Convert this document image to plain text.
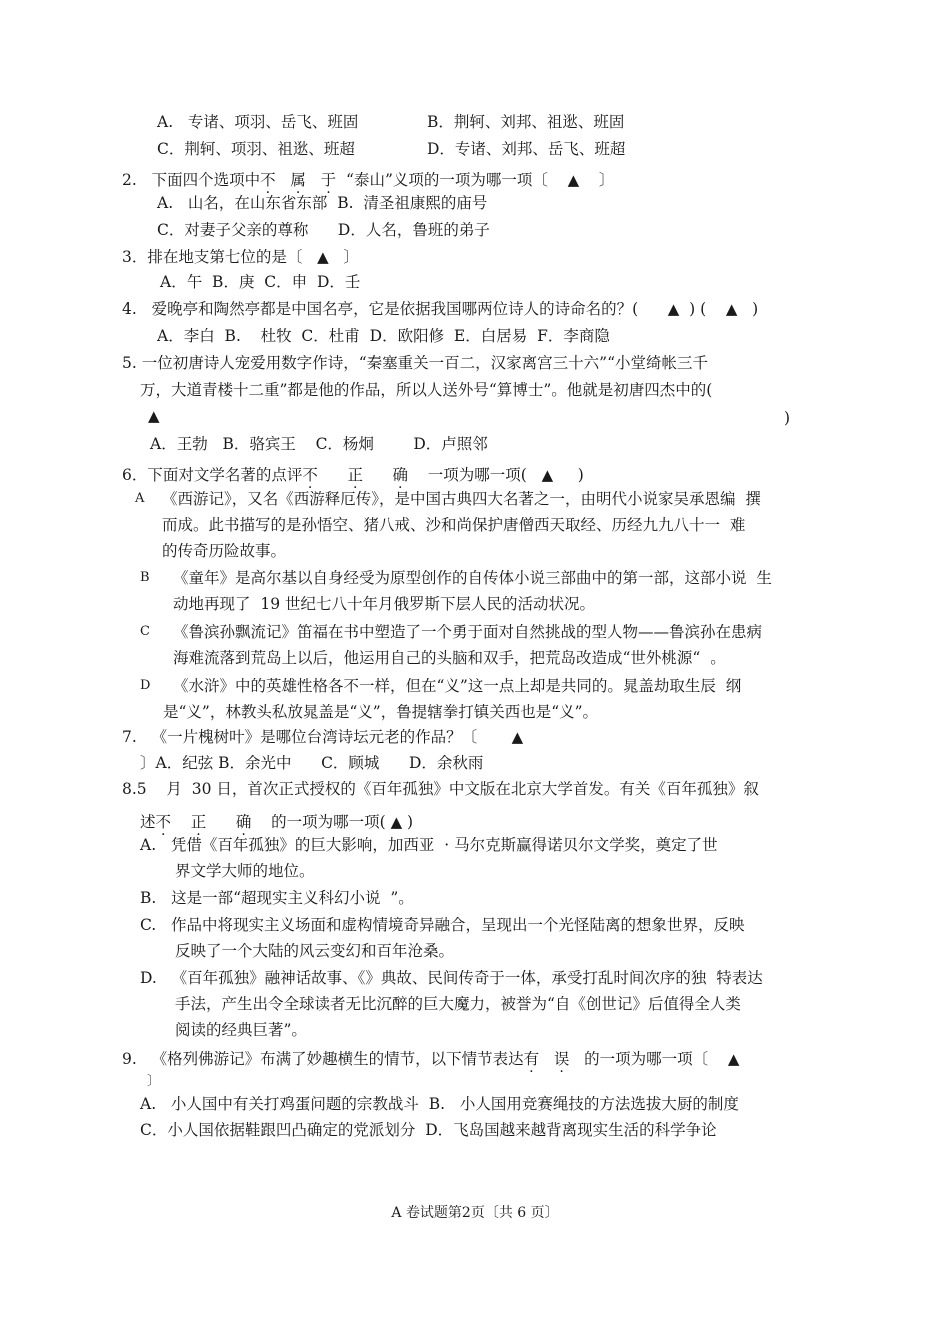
A.   专诸、项羽、岳飞、班固	B．荆轲、刘邦、祖逖、班固
C．荆轲、项羽、祖逖、班超	D．专诸、刘邦、岳飞、班超
2.   下面四个选项中不 属 于 “泰山”义项的一项为哪一项〔 ▲ 〕
A.   山名，在山东省东部  B.  清圣祖康熙的庙号
C．对妻子父亲的尊称      D．人名，鲁班的弟子
3．排在地支第七位的是〔 ▲ 〕
A．午  B．庚  C．申  D．壬
4.   爱晚亭和陶然亭都是中国名亭，它是依据我国哪两位诗人的诗命名的？( ▲ ) ( ▲ )
A．李白  B.    杜牧  C．杜甫  D．欧阳修  E．白居易  F．李商隐
5. 一位初唐诗人宠爱用数字作诗，“秦塞重关一百二，汉家离宫三十六”“小堂绮帐三千
万，大道青楼十二重”都是他的作品，所以人送外号“算博士”。他就是初唐四杰中的(
▲	)
A．王勃   B．骆宾王    C．杨炯        D．卢照邻
6．下面对文学名著的点评不 正 确 一项为哪一项( ▲ )
A 《西游记》，又名《西游释厄传》，是中国古典四大名著之一，由明代小说家吴承恩编  撰
而成。此书描写的是孙悟空、猪八戒、沙和尚保护唐僧西天取经、历经九九八十一  难
的传奇历险故事。
B 《童年》是高尔基以自身经受为原型创作的自传体小说三部曲中的第一部，这部小说  生
动地再现了  19 世纪七八十年月俄罗斯下层人民的活动状况。
C 《鲁滨孙飘流记》笛福在书中塑造了一个勇于面对自然挑战的型人物——鲁滨孙在患病
海难流落到荒岛上以后，他运用自己的头脑和双手，把荒岛改造成“世外桃源“  。
D 《水浒》中的英雄性格各不一样，但在“义”这一点上却是共同的。晁盖劫取生辰  纲
是“义”，林教头私放晁盖是“义”，鲁提辖拳打镇关西也是“义”。
7.   《一片槐树叶》是哪位台湾诗坛元老的作品？〔 ▲
〕A．纪弦 B．余光中      C．顾城      D．余秋雨
8.5    月  30 日，首次正式授权的《百年孤独》中文版在北京大学首发。有关《百年孤独》叙
述不 正 确 的一项为哪一项( ▲ )
A.   凭借《百年孤独》的巨大影响，加西亚  · 马尔克斯赢得诺贝尔文学奖，奠定了世
界文学大师的地位。
B.   这是一部“超现实主义科幻小说  ”。
C.   作品中将现实主义场面和虚构情境奇异融合，呈现出一个光怪陆离的想象世界，反映
反映了一个大陆的风云变幻和百年沧桑。
D.   《百年孤独》融神话故事、《》典故、民间传奇于一体，承受打乱时间次序的独  特表达
手法，产生出令全球读者无比沉醉的巨大魔力，被誉为“自《创世记》后值得全人类
阅读的经典巨著”。
9.   《格列佛游记》布满了妙趣横生的情节，以下情节表达有 误 的一项为哪一项〔 ▲
〕
A.   小人国中有关打鸡蛋问题的宗教战斗  B.   小人国用竞赛绳技的方法选拔大厨的制度
C．小人国依据鞋跟凹凸确定的党派划分  D．飞岛国越来越背离现实生活的科学争论
A 卷试题第2页〔共 6 页〕
